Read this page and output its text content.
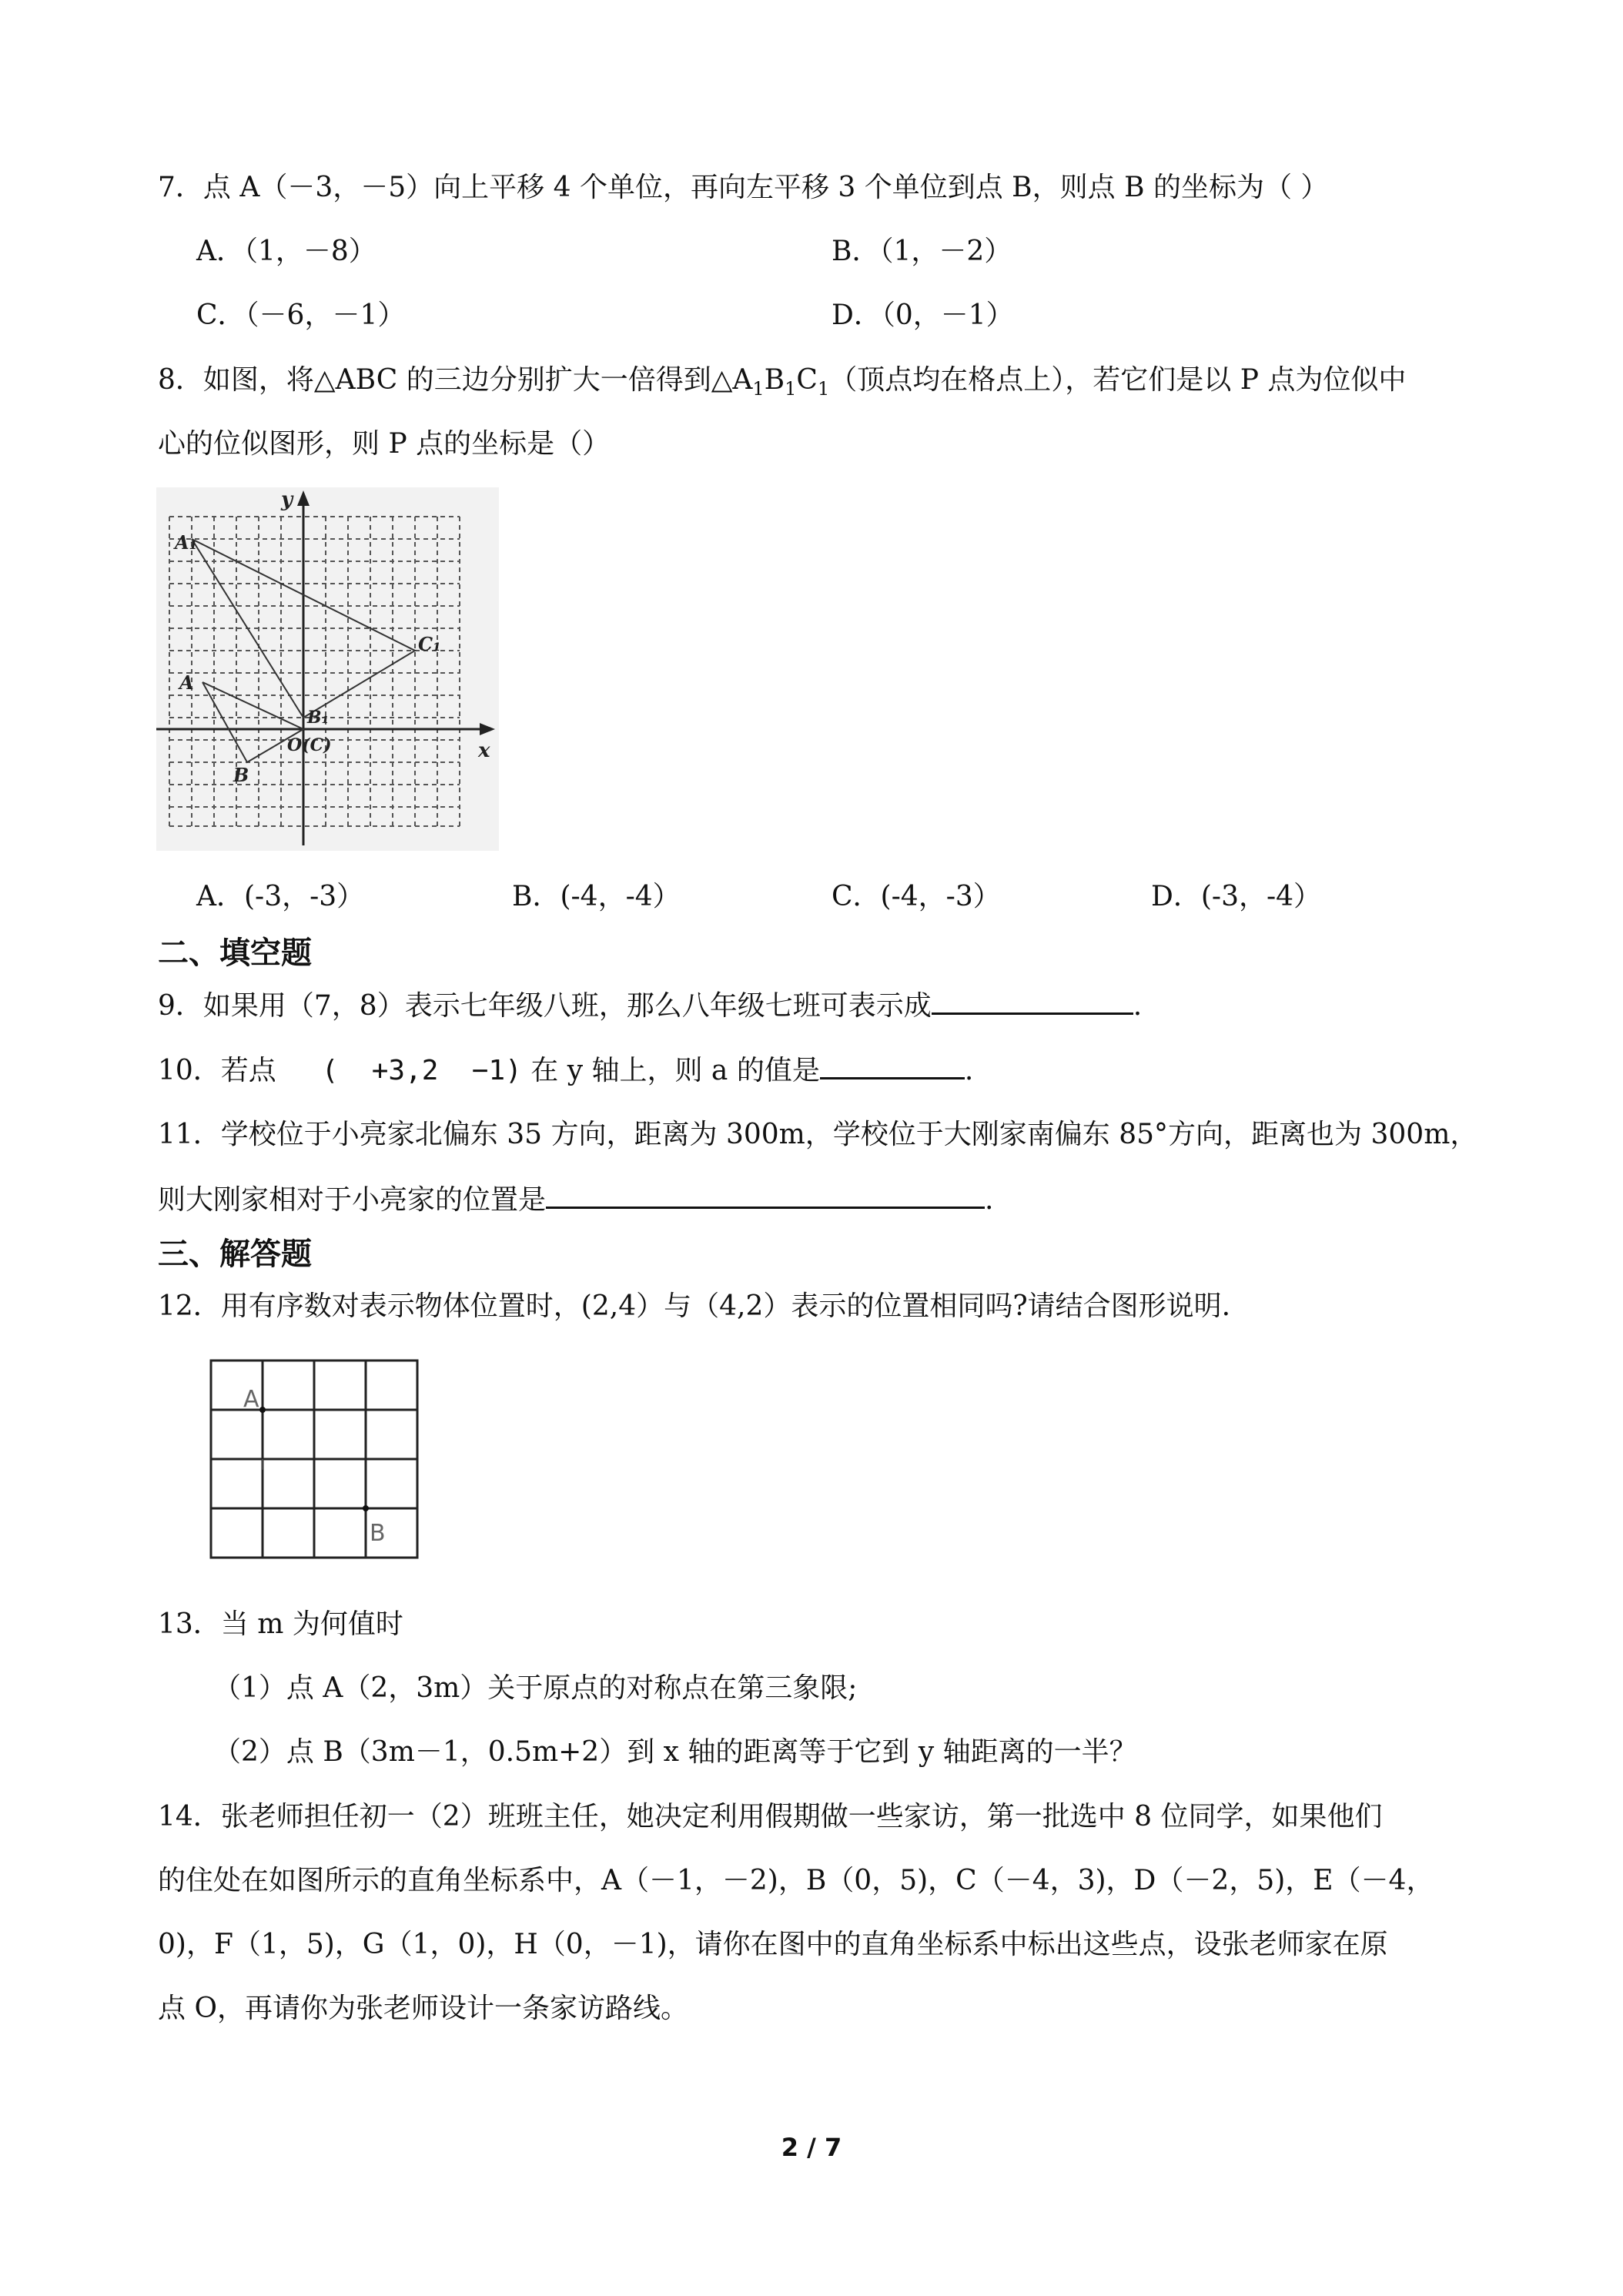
7．点 A（－3，－5）向上平移 4 个单位，再向左平移 3 个单位到点 B，则点 B 的坐标为（ ）
A．（1，－8）	B．（1，－2）
C．（－6，－1）	D．（0，－1）
8．如图，将△ABC 的三边分别扩大一倍得到$\triangle A_1B_1C_1$（顶点均在格点上），若它们是以 P 点为位似中
心的位似图形，则 P 点的坐标是（）
y
x
A₁
C₁
A
B₁
B
O(C)
A．(-3，-3）	B．(-4，-4）	C．(-4，-3）	D．(-3，-4）
二、填空题
9．如果用（7，8）表示七年级八班，那么八年级七班可表示成	.
10．若点 (  +3,2  −1) 在 y 轴上，则 a 的值是	.
11．学校位于小亮家北偏东 35 方向，距离为 300m，学校位于大刚家南偏东 85°方向，距离也为 300m，
则大刚家相对于小亮家的位置是	.
三、解答题
12．用有序数对表示物体位置时，(2,4）与（4,2）表示的位置相同吗?请结合图形说明.
A
B
13．当 m 为何值时
（1）点 A（2，3m）关于原点的对称点在第三象限;
（2）点 B（3m－1，0.5m+2）到 x 轴的距离等于它到 y 轴距离的一半？
14．张老师担任初一（2）班班主任，她决定利用假期做一些家访，第一批选中 8 位同学，如果他们
的住处在如图所示的直角坐标系中，A（－1，－2)，B（0，5)，C（－4，3)，D（－2，5)，E（－4，
0)，F（1，5)，G（1，0)，H（0，－1)，请你在图中的直角坐标系中标出这些点，设张老师家在原
点 O，再请你为张老师设计一条家访路线。
2 / 7
